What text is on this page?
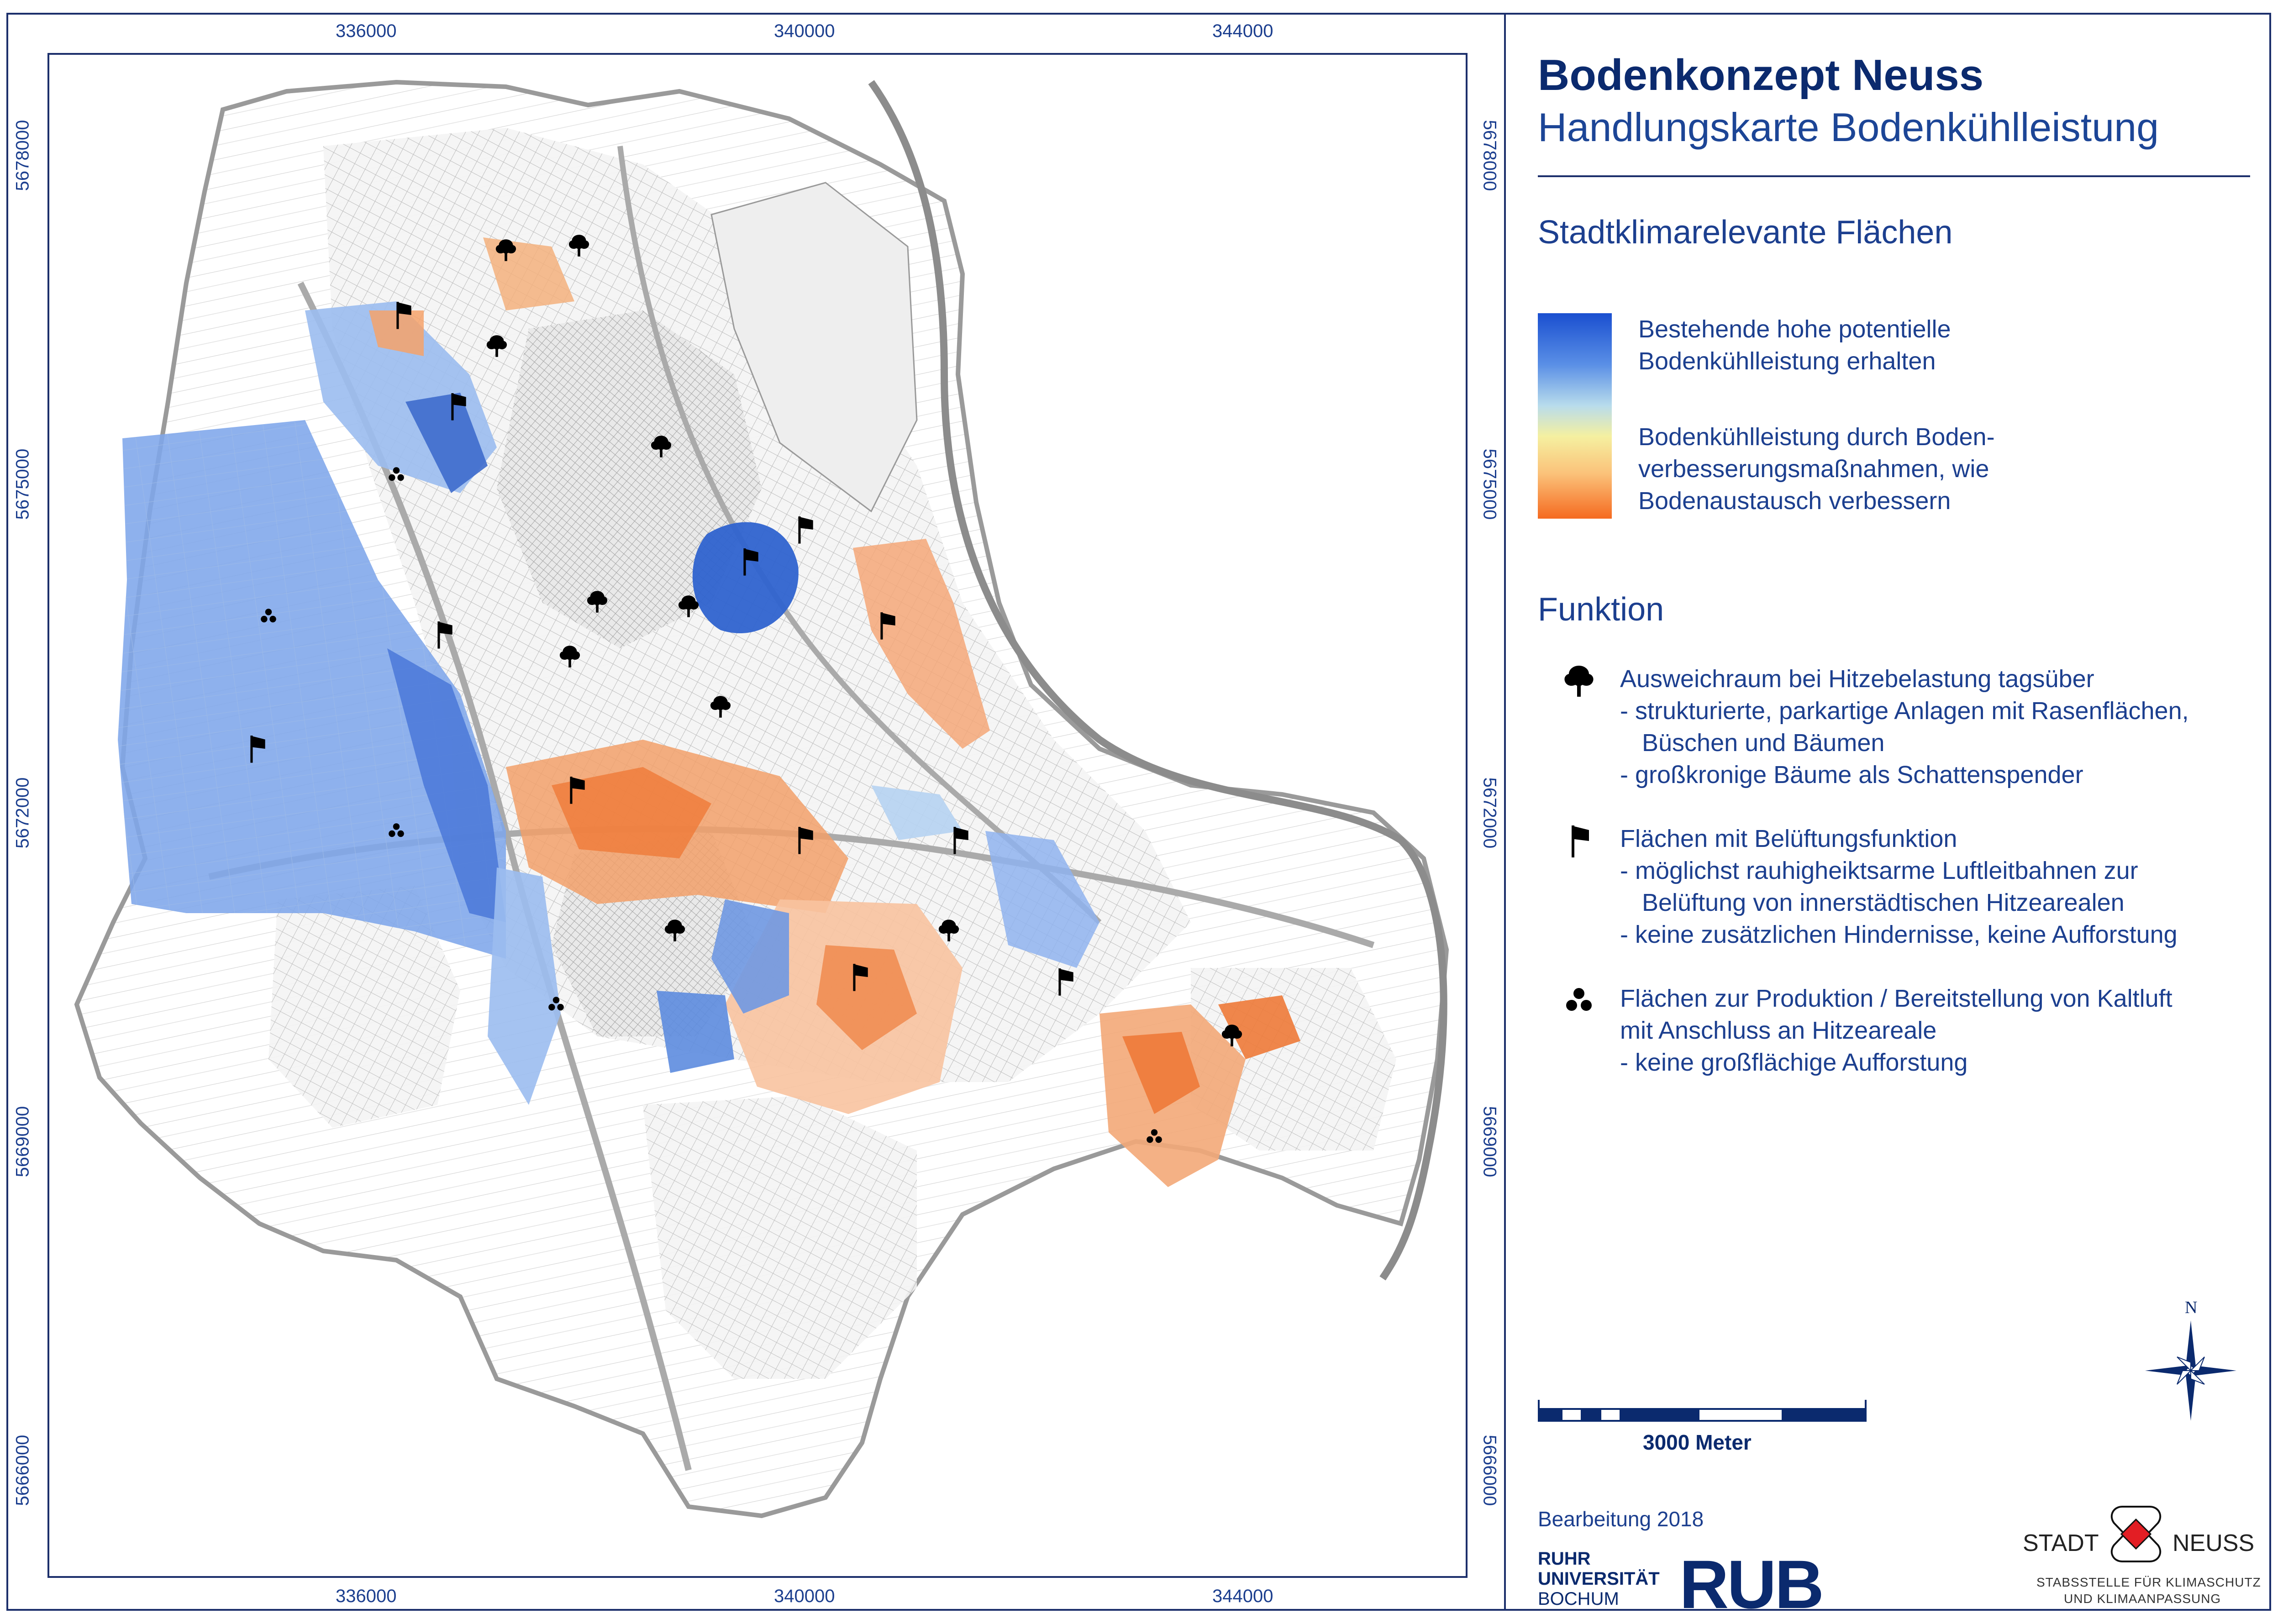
336000	340000	344000
336000	340000	344000
5678000
5675000
5672000
5669000
5666000
5678000
5675000
5672000
5669000
5666000
Bodenkonzept Neuss
Handlungskarte Bodenkühlleistung
Stadtklimarelevante Flächen
Bestehende hohe potentielle
Bodenkühlleistung erhalten
Bodenkühlleistung durch Boden-
verbesserungsmaßnahmen, wie
Bodenaustausch verbessern
Funktion
Ausweichraum bei Hitzebelastung tagsüber
- strukturierte, parkartige Anlagen mit Rasenflächen,
Büschen und Bäumen
- großkronige Bäume als Schattenspender
Flächen mit Belüftungsfunktion
- möglichst rauhigheiktsarme Luftleitbahnen zur
Belüftung von innerstädtischen Hitzearealen
- keine zusätzlichen Hindernisse, keine Aufforstung
Flächen zur Produktion / Bereitstellung von Kaltluft
mit Anschluss an Hitzeareale
- keine großflächige Aufforstung
N
3000 Meter
Bearbeitung 2018
RUHR
UNIVERSITÄT
BOCHUM RUB
STADT	NEUSS
STABSSTELLE FÜR KLIMASCHUTZ
UND KLIMAANPASSUNG
